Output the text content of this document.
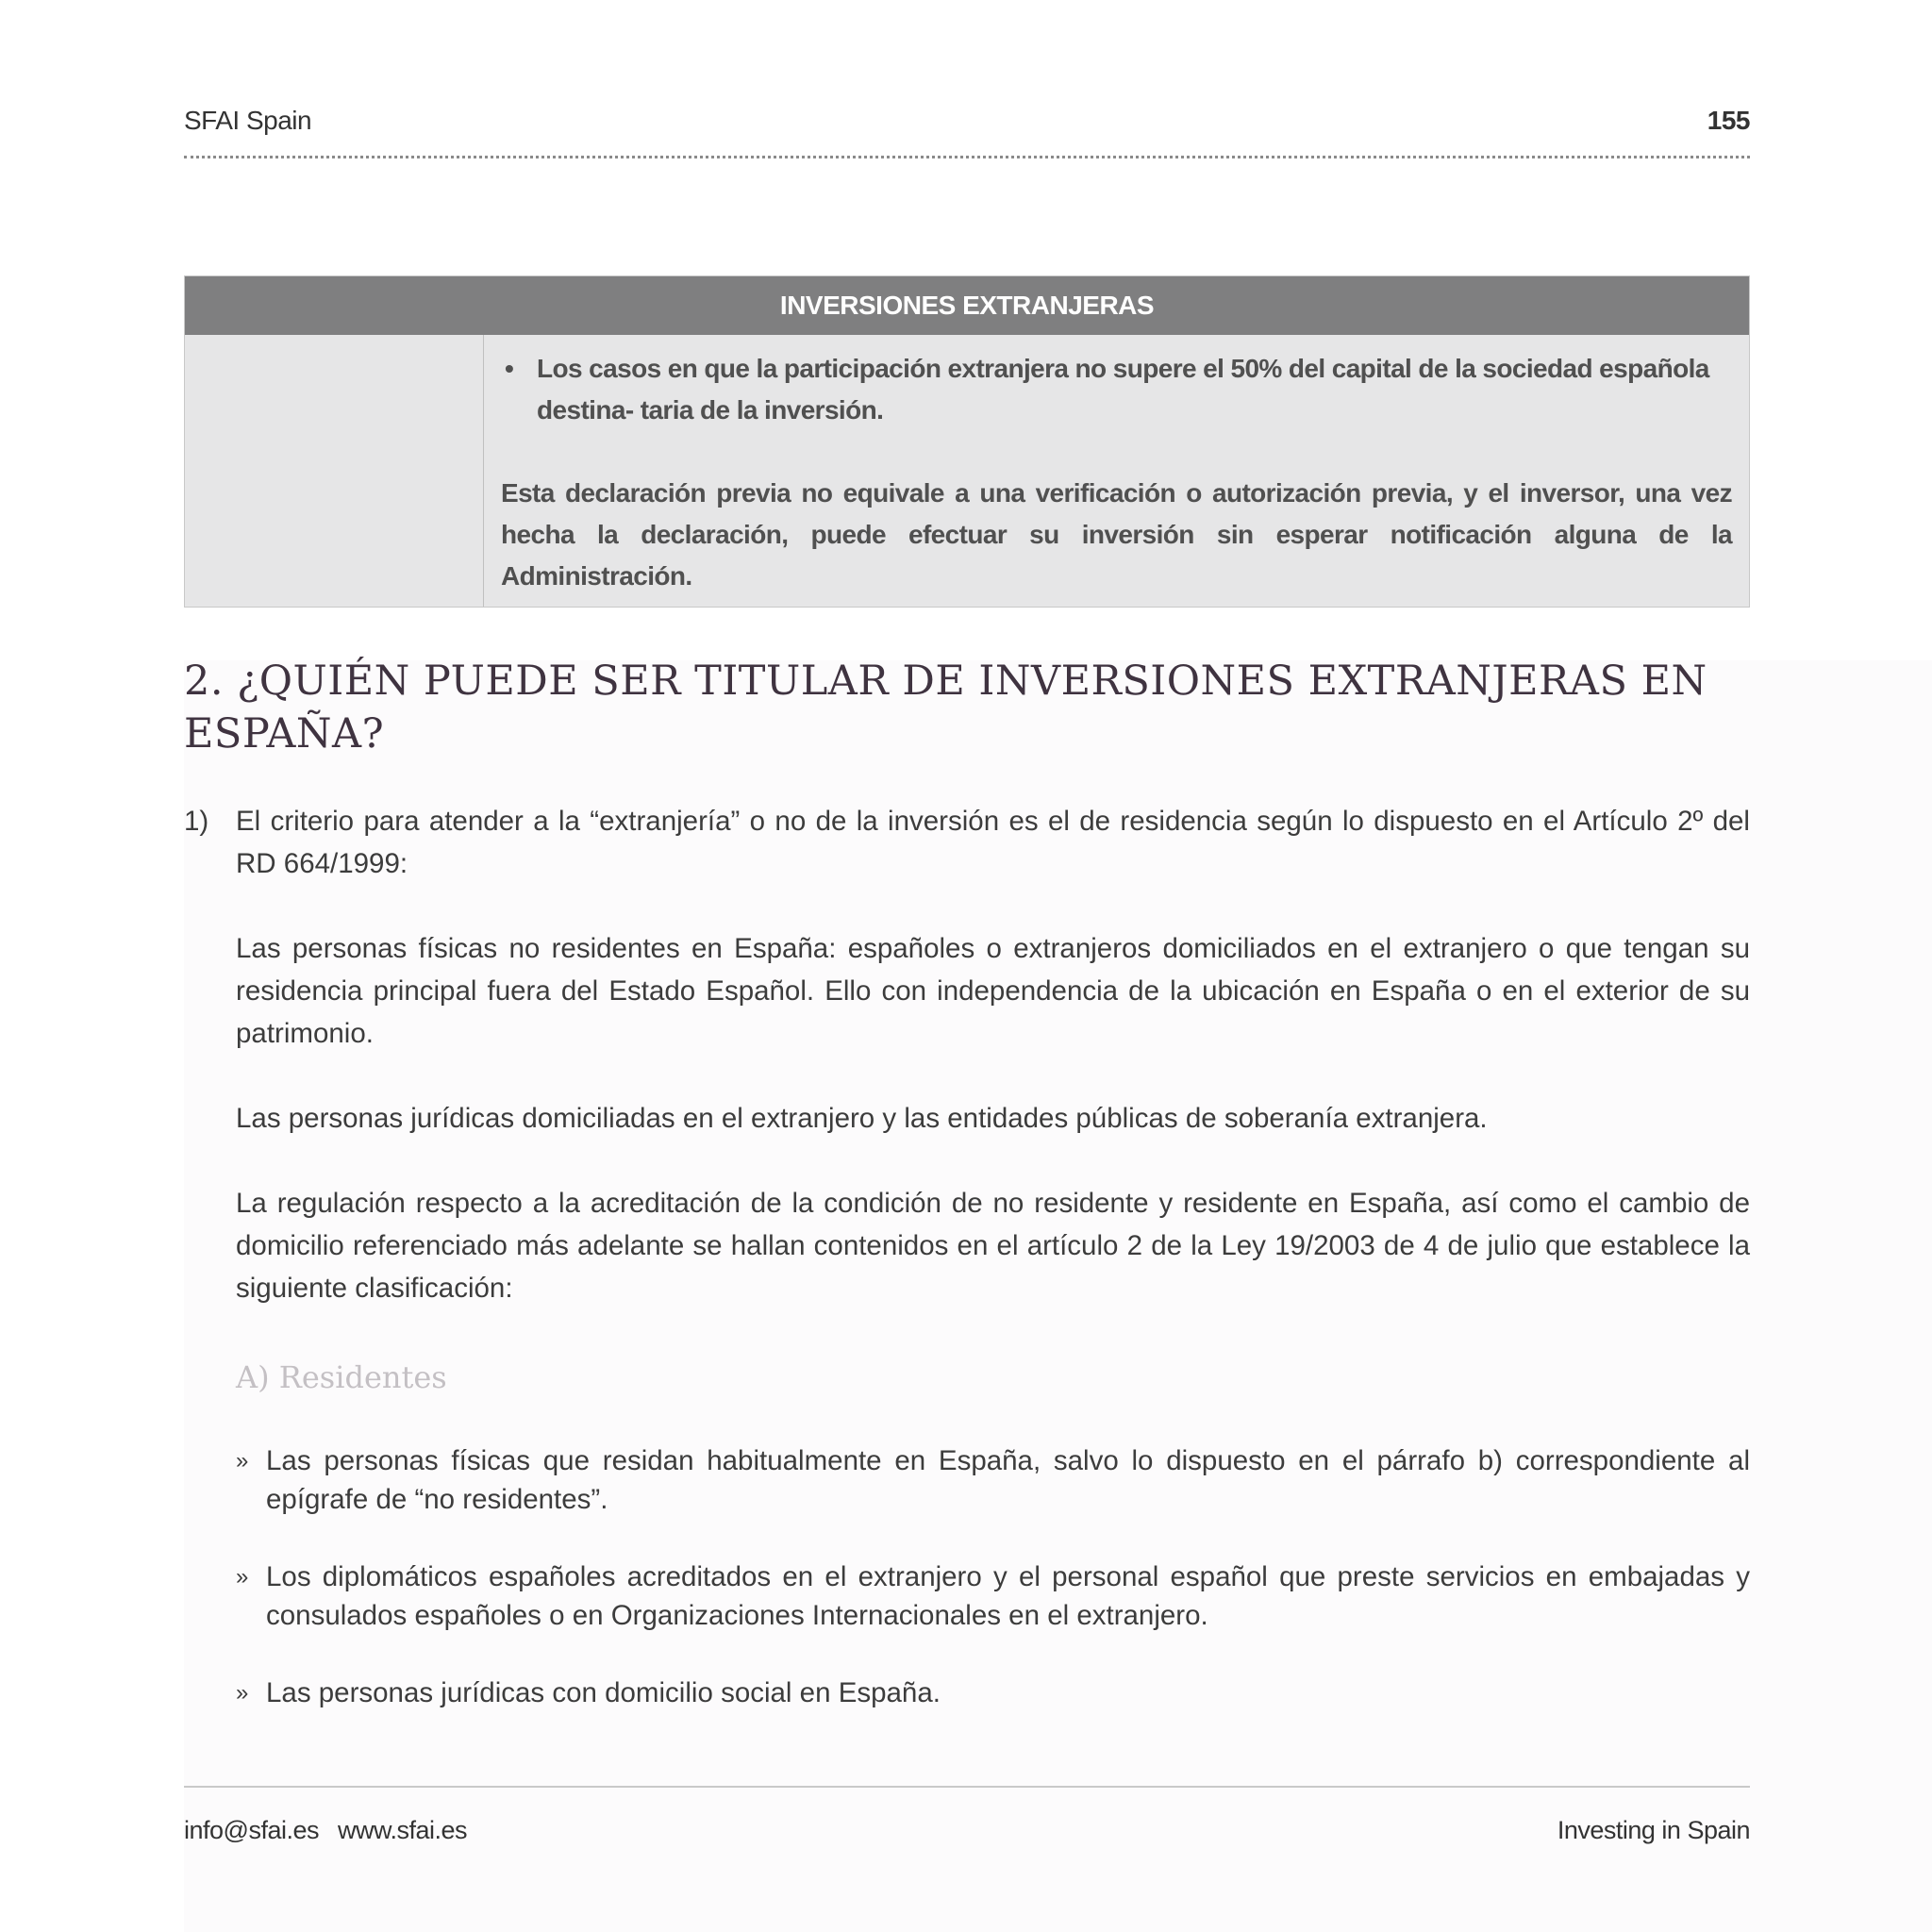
SFAI Spain	155
INVERSIONES EXTRANJERAS
• Los casos en que la participación extranjera no supere el 50% del capital de la sociedad española destina- taria de la inversión.
Esta declaración previa no equivale a una verificación o autorización previa, y el inversor, una vez hecha la declaración, puede efectuar su inversión sin esperar notificación alguna de la Administración.
2. ¿QUIÉN PUEDE SER TITULAR DE INVERSIONES EXTRANJERAS EN ESPAÑA?
1) El criterio para atender a la “extranjería” o no de la inversión es el de residencia según lo dispuesto en el Artículo 2º del RD 664/1999:
Las personas físicas no residentes en España: españoles o extranjeros domiciliados en el extranjero o que tengan su residencia principal fuera del Estado Español. Ello con independencia de la ubicación en España o en el exterior de su patrimonio.
Las personas jurídicas domiciliadas en el extranjero y las entidades públicas de soberanía extranjera.
La regulación respecto a la acreditación de la condición de no residente y residente en España, así como el cambio de domicilio referenciado más adelante se hallan contenidos en el artículo 2 de la Ley 19/2003 de 4 de julio que establece la siguiente clasificación:
A) Residentes
» Las personas físicas que residan habitualmente en España, salvo lo dispuesto en el párrafo b) correspondiente al epígrafe de “no residentes”.
» Los diplomáticos españoles acreditados en el extranjero y el personal español que preste servicios en embajadas y consulados españoles o en Organizaciones Internacionales en el extranjero.
» Las personas jurídicas con domicilio social en España.
info@sfai.es www.sfai.es	Investing in Spain
